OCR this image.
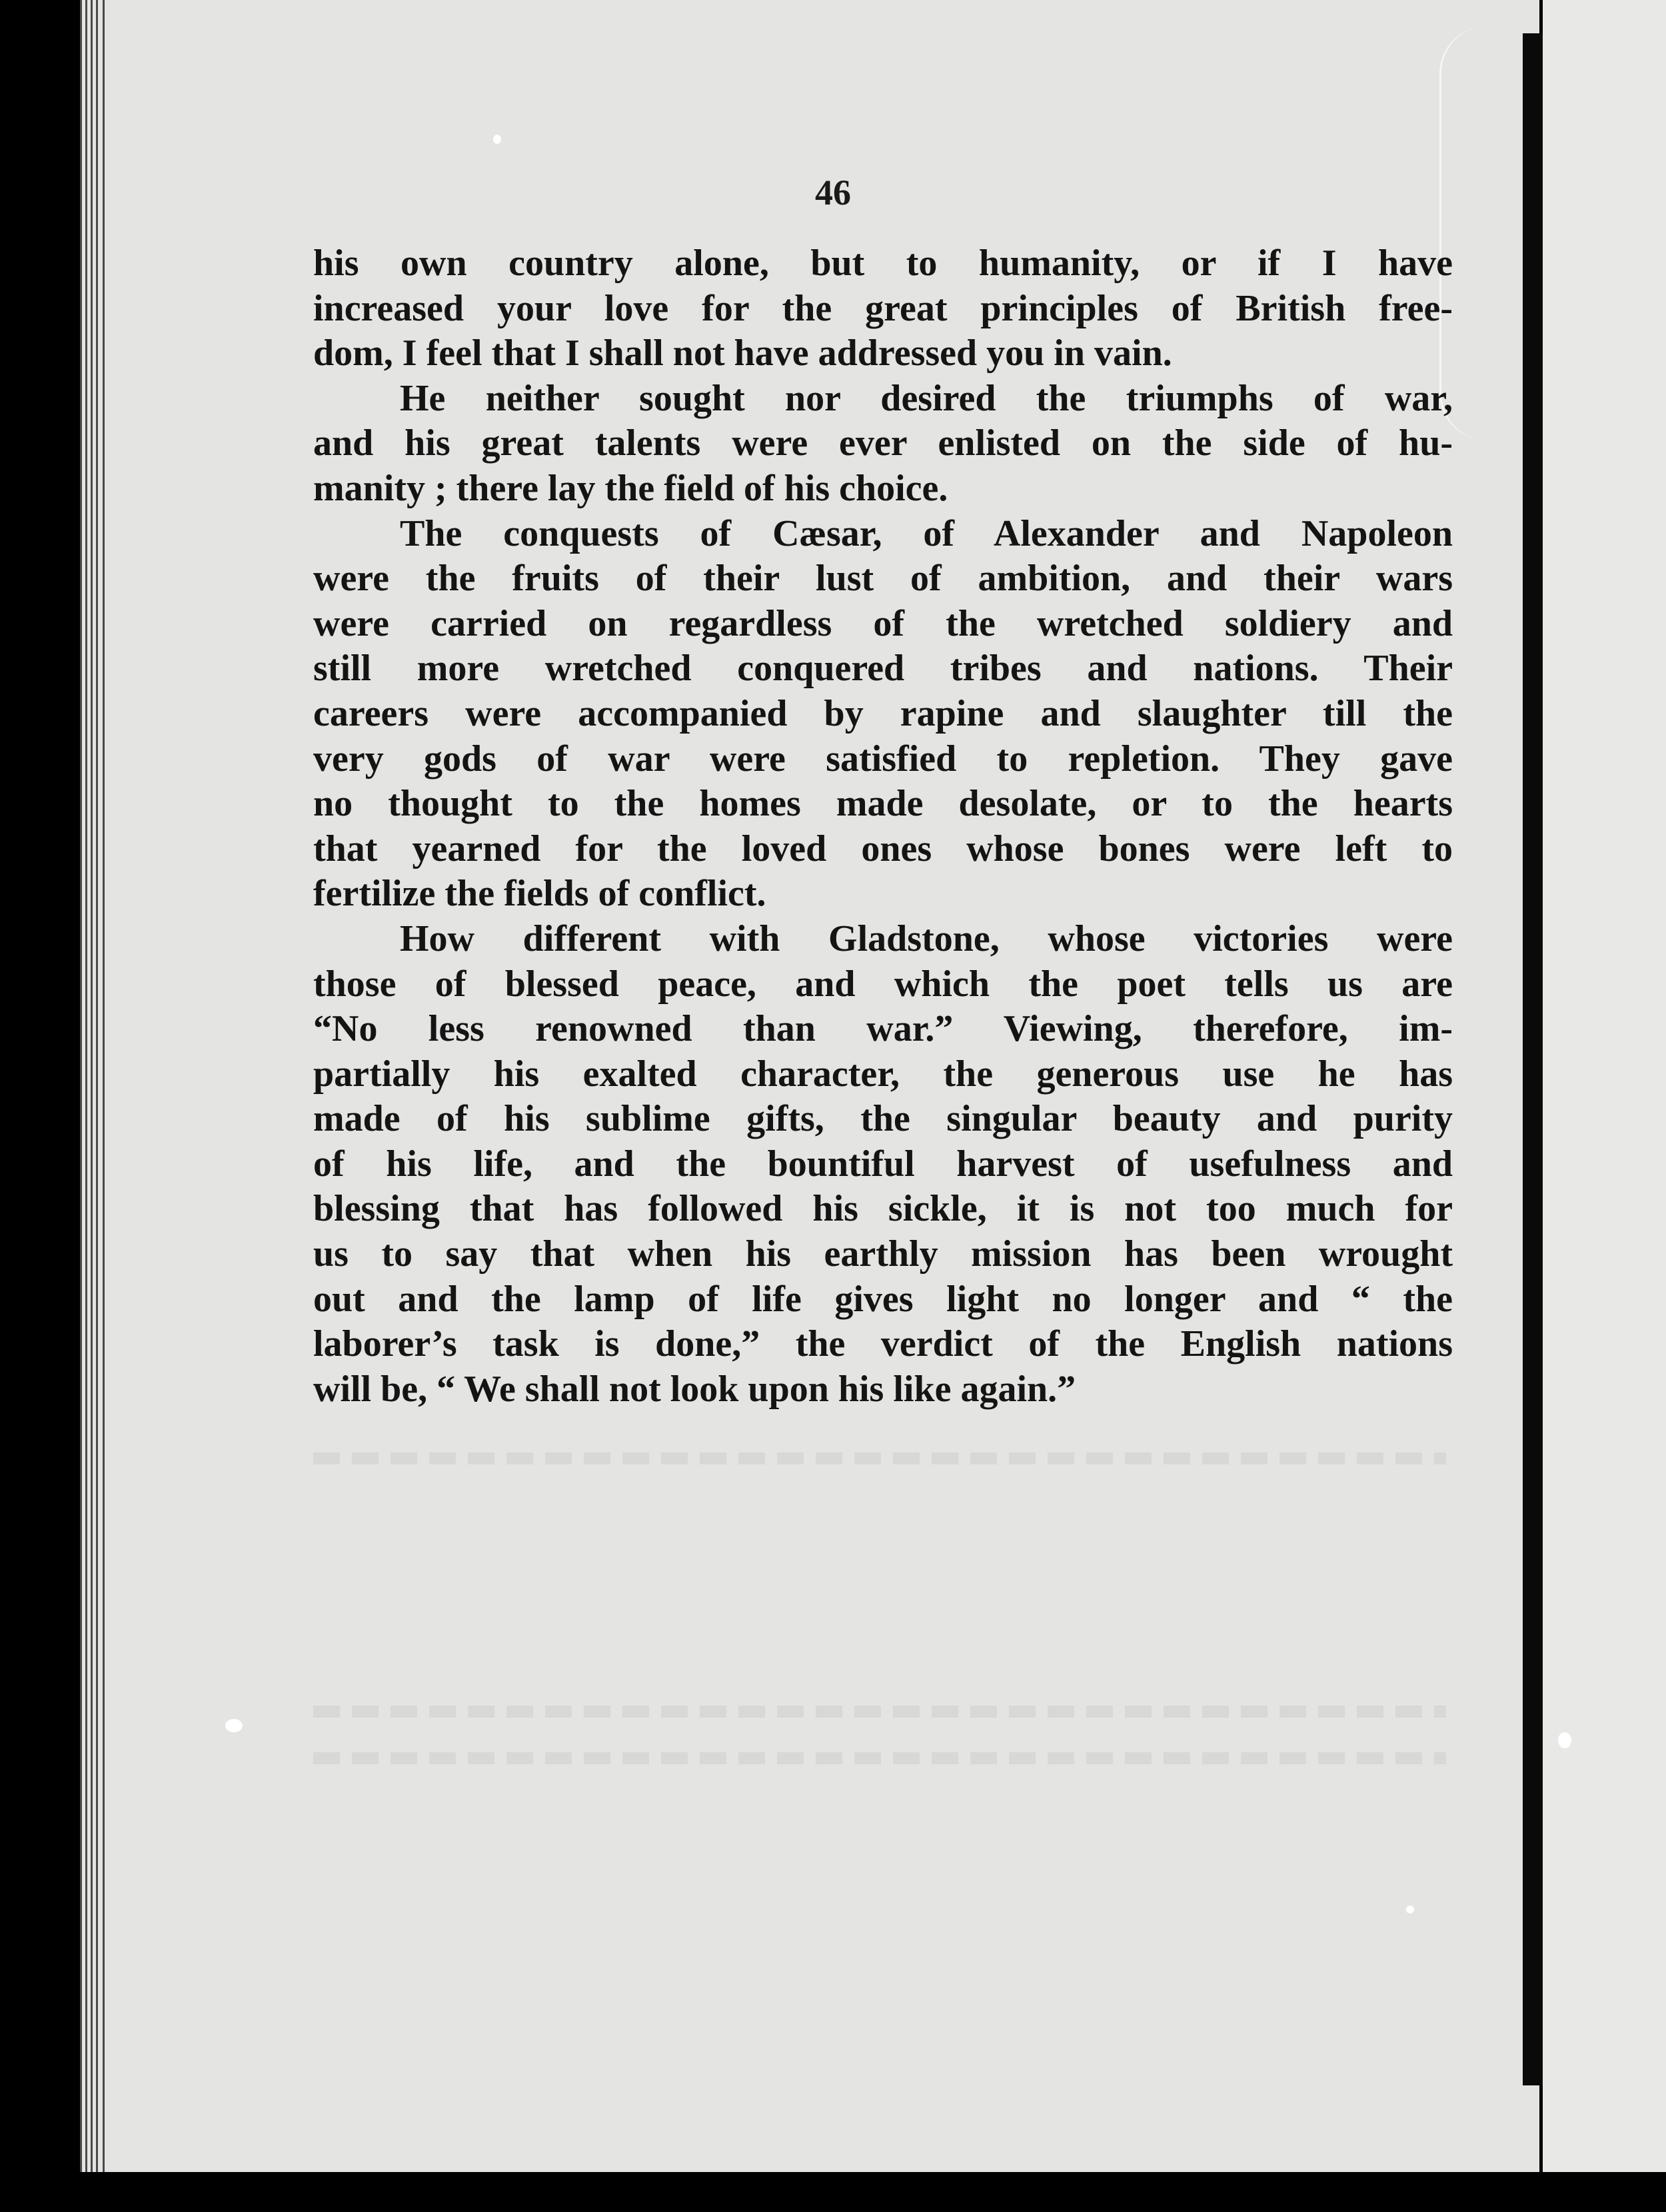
46
his own country alone, but to humanity, or if I have
increased your love for the great principles of British free-
dom, I feel that I shall not have addressed you in vain.
He neither sought nor desired the triumphs of war,
and his great talents were ever enlisted on the side of hu-
manity ; there lay the field of his choice.
The conquests of Cæsar, of Alexander and Napoleon
were the fruits of their lust of ambition, and their wars
were carried on regardless of the wretched soldiery and
still more wretched conquered tribes and nations. Their
careers were accompanied by rapine and slaughter till the
very gods of war were satisfied to repletion. They gave
no thought to the homes made desolate, or to the hearts
that yearned for the loved ones whose bones were left to
fertilize the fields of conflict.
How different with Gladstone, whose victories were
those of blessed peace, and which the poet tells us are
“No less renowned than war.” Viewing, therefore, im-
partially his exalted character, the generous use he has
made of his sublime gifts, the singular beauty and purity
of his life, and the bountiful harvest of usefulness and
blessing that has followed his sickle, it is not too much for
us to say that when his earthly mission has been wrought
out and the lamp of life gives light no longer and “ the
laborer’s task is done,” the verdict of the English nations
will be, “ We shall not look upon his like again.”
